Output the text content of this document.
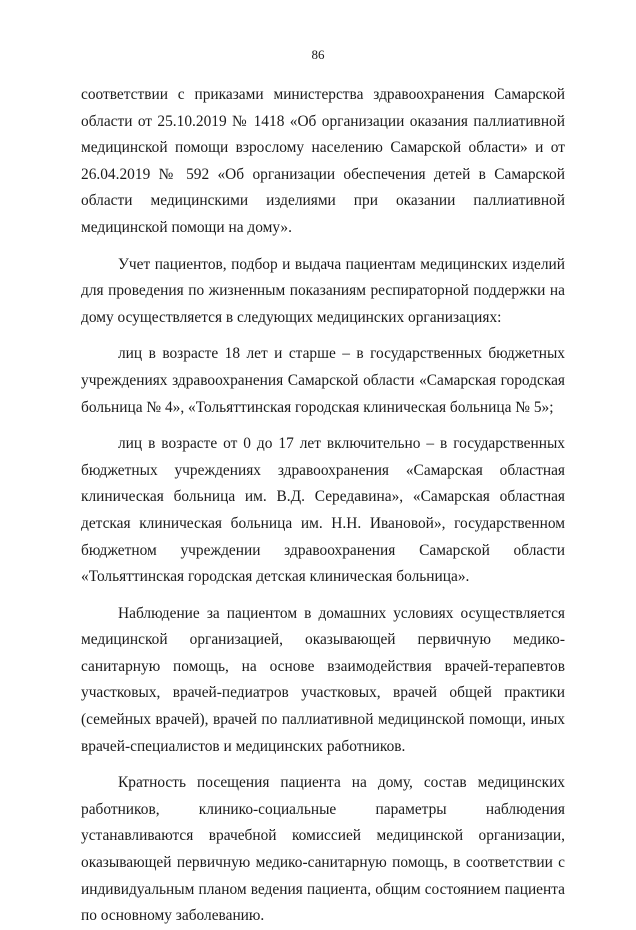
86

соответствии с приказами министерства здравоохранения Самарской области от 25.10.2019 № 1418 «Об организации оказания паллиативной медицинской помощи взрослому населению Самарской области» и от 26.04.2019 № 592 «Об организации обеспечения детей в Самарской области медицинскими изделиями при оказании паллиативной медицинской помощи на дому».

Учет пациентов, подбор и выдача пациентам медицинских изделий для проведения по жизненным показаниям респираторной поддержки на дому осуществляется в следующих медицинских организациях:

лиц в возрасте 18 лет и старше – в государственных бюджетных учреждениях здравоохранения Самарской области «Самарская городская больница № 4», «Тольяттинская городская клиническая больница № 5»;

лиц в возрасте от 0 до 17 лет включительно – в государственных бюджетных учреждениях здравоохранения «Самарская областная клиническая больница им. В.Д. Середавина», «Самарская областная детская клиническая больница им. Н.Н. Ивановой», государственном бюджетном учреждении здравоохранения Самарской области «Тольяттинская городская детская клиническая больница».

Наблюдение за пациентом в домашних условиях осуществляется медицинской организацией, оказывающей первичную медико-санитарную помощь, на основе взаимодействия врачей-терапевтов участковых, врачей-педиатров участковых, врачей общей практики (семейных врачей), врачей по паллиативной медицинской помощи, иных врачей-специалистов и медицинских работников.

Кратность посещения пациента на дому, состав медицинских работников, клинико-социальные параметры наблюдения устанавливаются врачебной комиссией медицинской организации, оказывающей первичную медико-санитарную помощь, в соответствии с индивидуальным планом ведения пациента, общим состоянием пациента по основному заболеванию.
